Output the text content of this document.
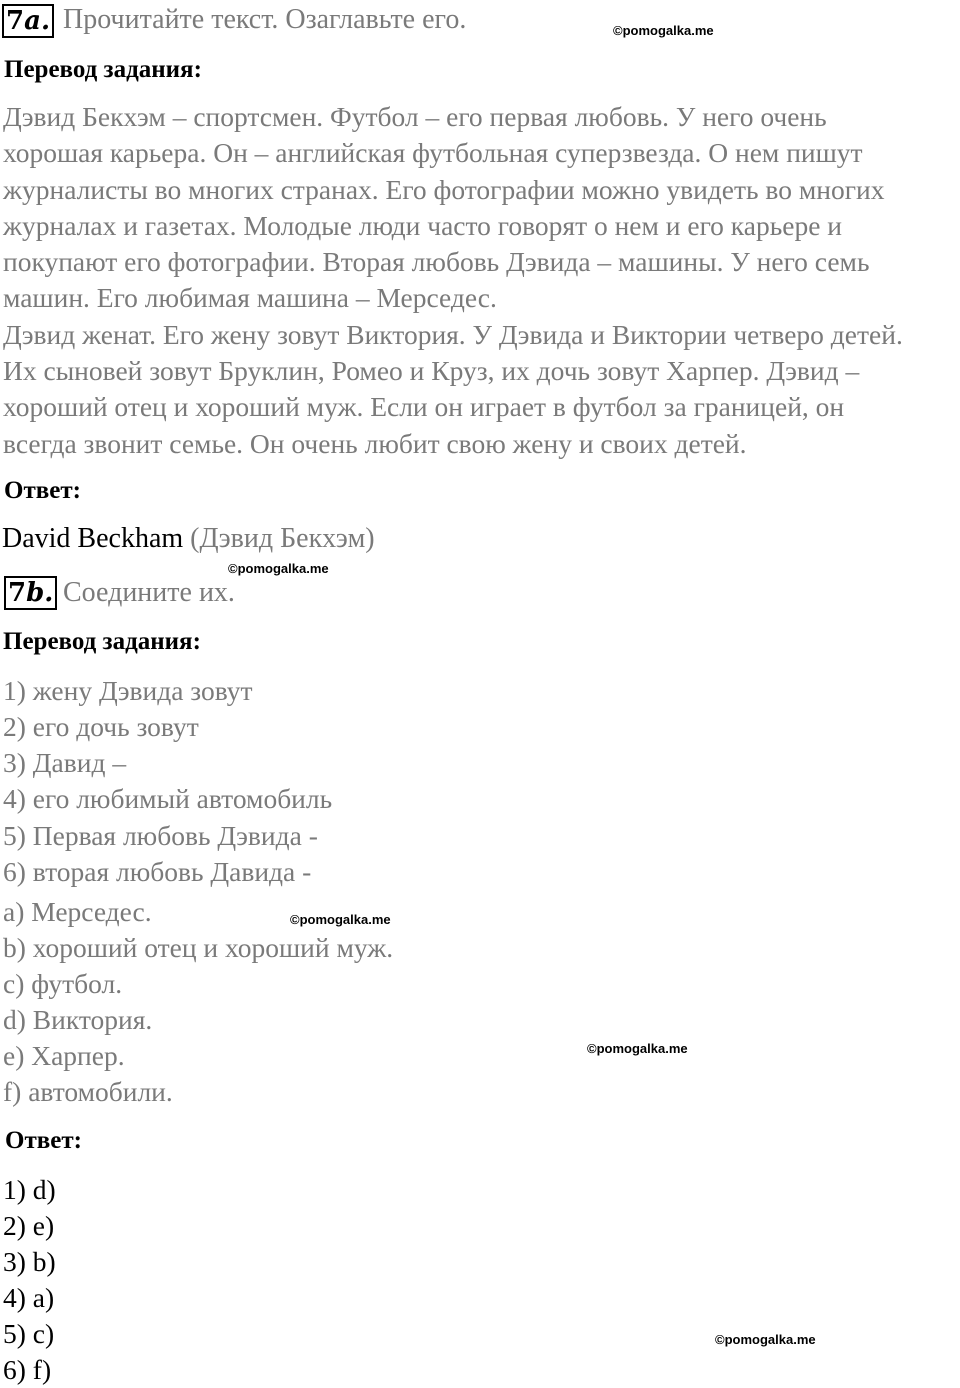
7a. Прочитайте текст. Озаглавьте его.	©pomogalka.me
Перевод задания:
Дэвид Бекхэм – спортсмен. Футбол – его первая любовь. У него очень
хорошая карьера. Он – английская футбольная суперзвезда. О нем пишут
журналисты во многих странах. Его фотографии можно увидеть во многих
журналах и газетах. Молодые люди часто говорят о нем и его карьере и
покупают его фотографии. Вторая любовь Дэвида – машины. У него семь
машин. Его любимая машина – Мерседес.
Дэвид женат. Его жену зовут Виктория. У Дэвида и Виктории четверо детей.
Их сыновей зовут Бруклин, Ромео и Круз, их дочь зовут Харпер. Дэвид –
хороший отец и хороший муж. Если он играет в футбол за границей, он
всегда звонит семье. Он очень любит свою жену и своих детей.
Ответ:
David Beckham (Дэвид Бекхэм)
©pomogalka.me
7b. Соедините их.
Перевод задания:
1) жену Дэвида зовут
2) его дочь зовут
3) Давид –
4) его любимый автомобиль
5) Первая любовь Дэвида -
6) вторая любовь Давида -
a) Мерседес.	©pomogalka.me
b) хороший отец и хороший муж.
c) футбол.
d) Виктория.
e) Харпер.	©pomogalka.me
f) автомобили.
Ответ:
1) d)
2) e)
3) b)
4) a)
5) c)	©pomogalka.me
6) f)
